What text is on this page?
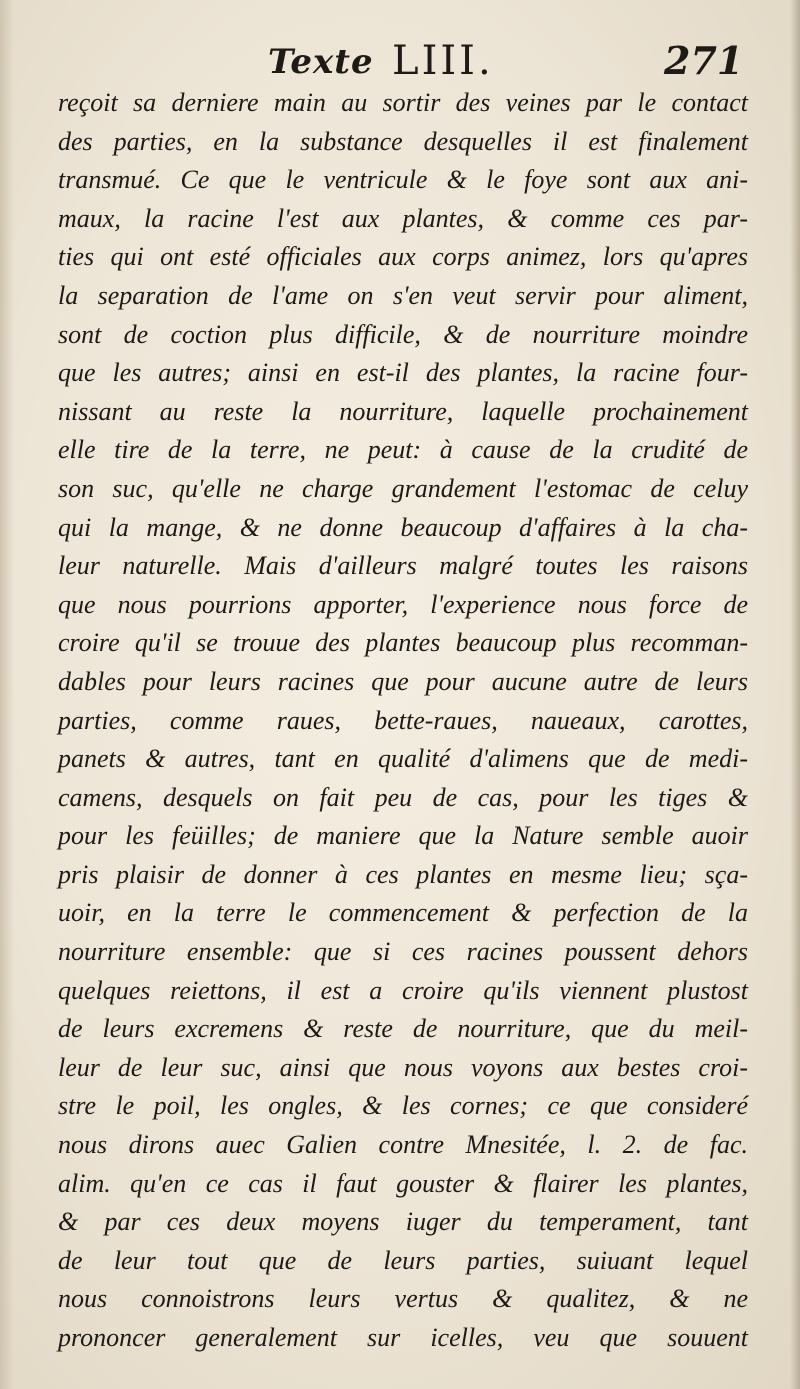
Texte LIII.	271
reçoit sa derniere main au sortir des veines par le contact
des parties, en la substance desquelles il est finalement
transmué. Ce que le ventricule & le foye sont aux ani-
maux, la racine l'est aux plantes, & comme ces par-
ties qui ont esté officiales aux corps animez, lors qu'apres
la separation de l'ame on s'en veut servir pour aliment,
sont de coction plus difficile, & de nourriture moindre
que les autres; ainsi en est-il des plantes, la racine four-
nissant au reste la nourriture, laquelle prochainement
elle tire de la terre, ne peut: à cause de la crudité de
son suc, qu'elle ne charge grandement l'estomac de celuy
qui la mange, & ne donne beaucoup d'affaires à la cha-
leur naturelle. Mais d'ailleurs malgré toutes les raisons
que nous pourrions apporter, l'experience nous force de
croire qu'il se trouue des plantes beaucoup plus recomman-
dables pour leurs racines que pour aucune autre de leurs
parties, comme raues, bette-raues, naueaux, carottes,
panets & autres, tant en qualité d'alimens que de medi-
camens, desquels on fait peu de cas, pour les tiges &
pour les feüilles; de maniere que la Nature semble auoir
pris plaisir de donner à ces plantes en mesme lieu; sça-
uoir, en la terre le commencement & perfection de la
nourriture ensemble: que si ces racines poussent dehors
quelques reiettons, il est a croire qu'ils viennent plustost
de leurs excremens & reste de nourriture, que du meil-
leur de leur suc, ainsi que nous voyons aux bestes croi-
stre le poil, les ongles, & les cornes; ce que consideré
nous dirons auec Galien contre Mnesitée, l. 2. de fac.
alim. qu'en ce cas il faut gouster & flairer les plantes,
& par ces deux moyens iuger du temperament, tant
de leur tout que de leurs parties, suiuant lequel
nous connoistrons leurs vertus & qualitez, & ne
prononcer generalement sur icelles, veu que souuent
